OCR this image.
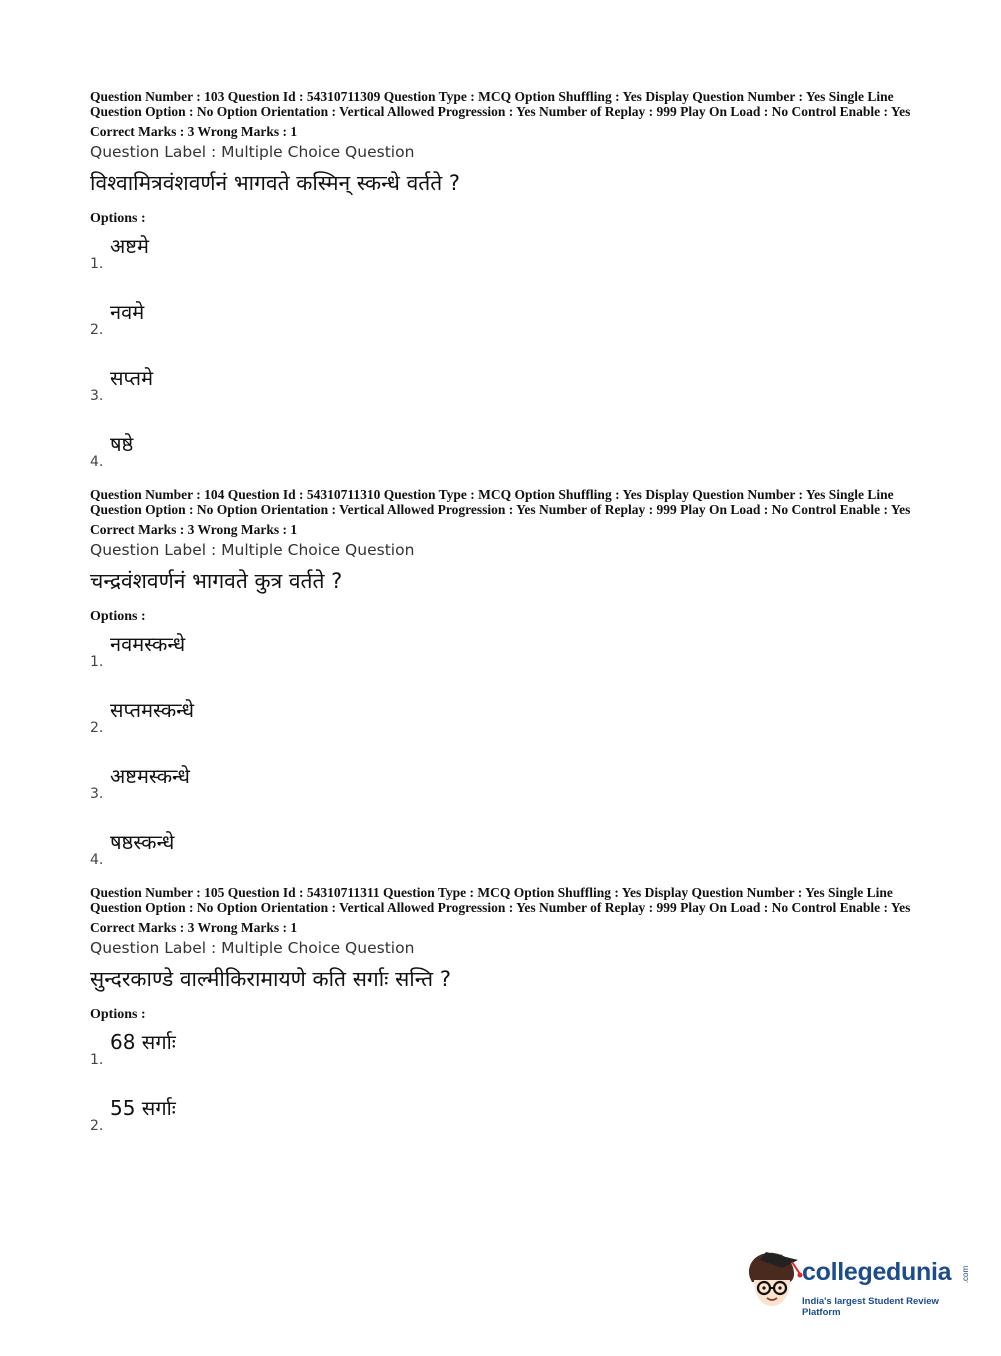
Question Number : 103 Question Id : 54310711309 Question Type : MCQ Option Shuffling : Yes Display Question Number : Yes Single Line Question Option : No Option Orientation : Vertical Allowed Progression : Yes Number of Replay : 999 Play On Load : No Control Enable : Yes
Correct Marks : 3 Wrong Marks : 1
Question Label : Multiple Choice Question
विश्वामित्रवंशवर्णनं भागवते कस्मिन् स्कन्धे वर्तते ?
Options :
अष्टमे
1.
नवमे
2.
सप्तमे
3.
षष्ठे
4.
Question Number : 104 Question Id : 54310711310 Question Type : MCQ Option Shuffling : Yes Display Question Number : Yes Single Line Question Option : No Option Orientation : Vertical Allowed Progression : Yes Number of Replay : 999 Play On Load : No Control Enable : Yes
Correct Marks : 3 Wrong Marks : 1
Question Label : Multiple Choice Question
चन्द्रवंशवर्णनं भागवते कुत्र वर्तते ?
Options :
नवमस्कन्धे
1.
सप्तमस्कन्धे
2.
अष्टमस्कन्धे
3.
षष्ठस्कन्धे
4.
Question Number : 105 Question Id : 54310711311 Question Type : MCQ Option Shuffling : Yes Display Question Number : Yes Single Line Question Option : No Option Orientation : Vertical Allowed Progression : Yes Number of Replay : 999 Play On Load : No Control Enable : Yes
Correct Marks : 3 Wrong Marks : 1
Question Label : Multiple Choice Question
सुन्दरकाण्डे वाल्मीकिरामायणे कति सर्गाः सन्ति ?
Options :
68 सर्गाः
1.
55 सर्गाः
2.
collegedunia .com
India's largest Student Review Platform
